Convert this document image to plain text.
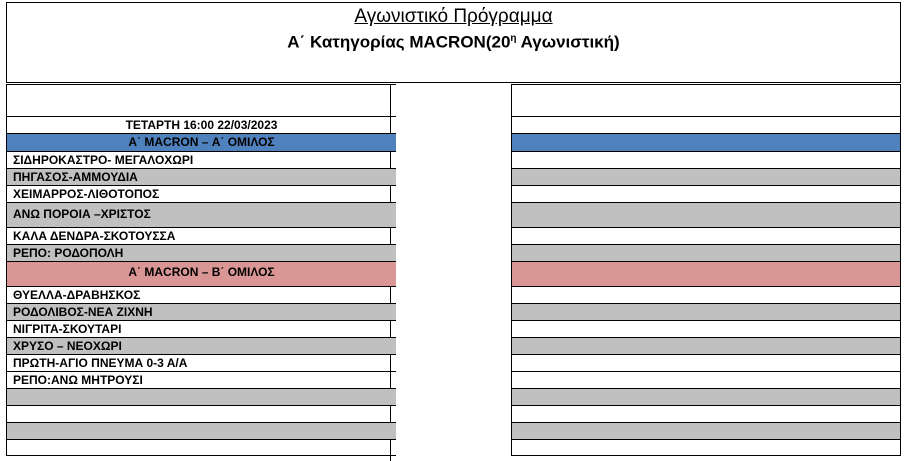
Αγωνιστικό Πρόγραμμα
Α΄ Κατηγορίας $MACRON(20^\eta$ Αγωνιστική)
ΤΕΤΑΡΤΗ 16:00 22/03/2023
Α΄ MACRON – Α΄ ΟΜΙΛΟΣ
ΣΙΔΗΡΟΚΑΣΤΡΟ- ΜΕΓΑΛΟΧΩΡΙ
ΠΗΓΑΣΟΣ-ΑΜΜΟΥΔΙΑ
ΧΕΙΜΑΡΡΟΣ-ΛΙΘΟΤΟΠΟΣ
ΑΝΩ ΠΟΡΟΙΑ –ΧΡΙΣΤΟΣ
ΚΑΛΑ ΔΕΝΔΡΑ-ΣΚΟΤΟΥΣΣΑ
ΡΕΠΟ: ΡΟΔΟΠΟΛΗ
Α΄ MACRON – Β΄ ΟΜΙΛΟΣ
ΘΥΕΛΛΑ-ΔΡΑΒΗΣΚΟΣ
ΡΟΔΟΛΙΒΟΣ-ΝΕΑ ΖΙΧΝΗ
ΝΙΓΡΙΤΑ-ΣΚΟΥΤΑΡΙ
ΧΡΥΣΟ – ΝΕΟΧΩΡΙ
ΠΡΩΤΗ-ΑΓΙΟ ΠΝΕΥΜΑ 0-3 Α/Α
ΡΕΠΟ:ΑΝΩ ΜΗΤΡΟΥΣΙ
